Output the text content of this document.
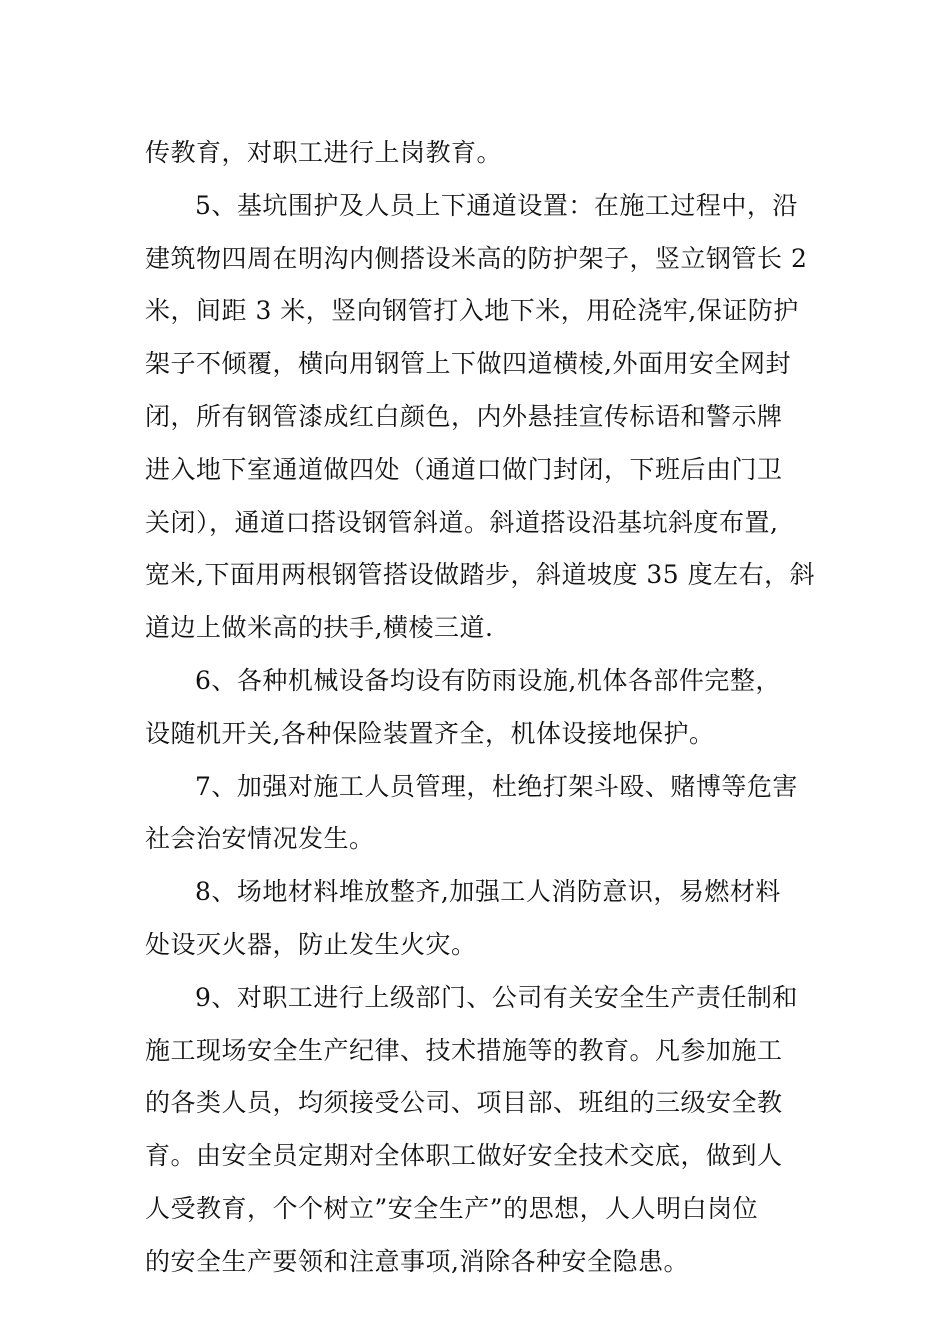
传教育，对职工进行上岗教育。
5、基坑围护及人员上下通道设置：在施工过程中，沿
建筑物四周在明沟内侧搭设米高的防护架子，竖立钢管长 2
米，间距 3 米，竖向钢管打入地下米，用砼浇牢,保证防护
架子不倾覆，横向用钢管上下做四道横棱,外面用安全网封
闭，所有钢管漆成红白颜色，内外悬挂宣传标语和警示牌
进入地下室通道做四处（通道口做门封闭，下班后由门卫
关闭），通道口搭设钢管斜道。斜道搭设沿基坑斜度布置,
宽米,下面用两根钢管搭设做踏步，斜道坡度 35 度左右，斜
道边上做米高的扶手,横棱三道.
6、各种机械设备均设有防雨设施,机体各部件完整，
设随机开关,各种保险装置齐全，机体设接地保护。
7、加强对施工人员管理，杜绝打架斗殴、赌博等危害
社会治安情况发生。
8、场地材料堆放整齐,加强工人消防意识，易燃材料
处设灭火器，防止发生火灾。
9、对职工进行上级部门、公司有关安全生产责任制和
施工现场安全生产纪律、技术措施等的教育。凡参加施工
的各类人员，均须接受公司、项目部、班组的三级安全教
育。由安全员定期对全体职工做好安全技术交底，做到人
人受教育，个个树立”安全生产”的思想，人人明白岗位
的安全生产要领和注意事项,消除各种安全隐患。
